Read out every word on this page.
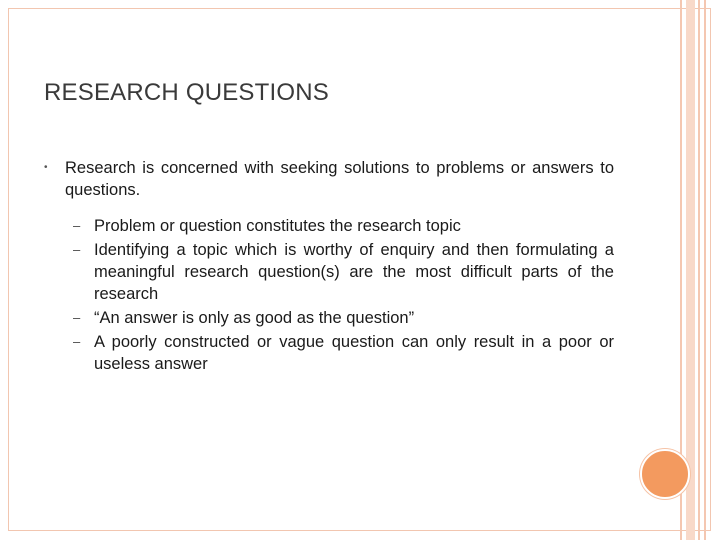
RESEARCH QUESTIONS
• Research is concerned with seeking solutions to problems or answers to questions.
– Problem or question constitutes the research topic
– Identifying a topic which is worthy of enquiry and then formulating a meaningful research question(s) are the most difficult parts of the research
– “An answer is only as good as the question”
– A poorly constructed or vague question can only result in a poor or useless answer
